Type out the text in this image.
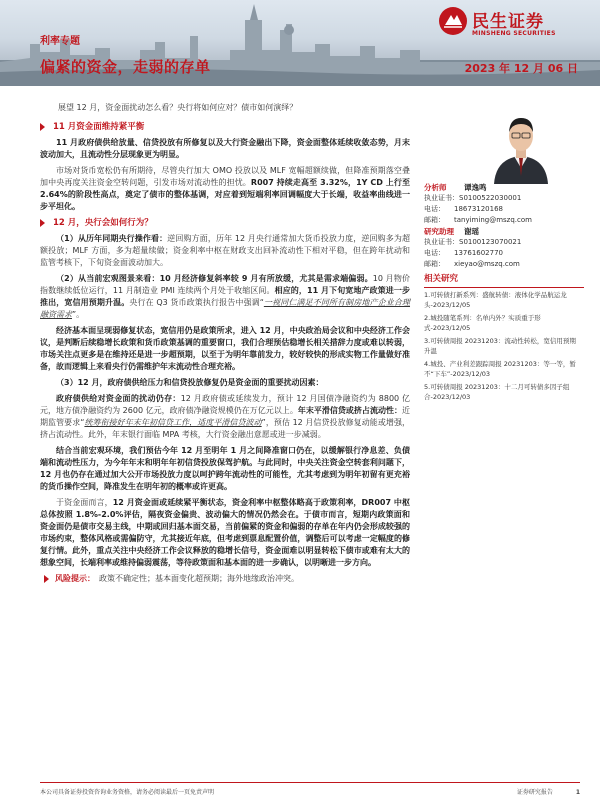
利率专题
偏紧的资金，走弱的存单	2023 年 12 月 06 日
民生证券
MINSHENG SECURITIES
展望 12 月，资金面扰动怎么看？央行将如何应对？债市如何演绎？
11 月资金面维持紧平衡
11 月政府债供给放量、信贷投放有所修复以及大行资金融出下降，资金面整体延续收敛态势，月末波动加大，且流动性分层现象更为明显。
市场对货币宽松仍有所期待，尽管央行加大 OMO 投放以及 MLF 宽幅超额续做，但降准预期落空叠加中央再度关注资金空转问题，引发市场对流动性的担忧。R007 持续走高至 3.32%，1Y CD 上行至 2.64%的阶段性高点，奠定了债市的整体基调，对应着到短端利率回调幅度大于长端，收益率曲线进一步平坦化。
12 月，央行会如何行为？
（1）从历年同期央行操作看：逆回购方面，历年 12 月央行通常加大货币投放力度，逆回购多为超额投放；MLF 方面，多为超量续做；资金利率中枢在财政支出回补流动性下相对平稳，但在跨年扰动和监管考核下，下旬资金面波动加大。
（2）从当前宏观图景来看：10 月经济修复斜率较 9 月有所放缓，尤其是需求端偏弱。10 月物价指数继续低位运行，11 月制造业 PMI 连续两个月处于收缩区间。相应的，11 月下旬宽地产政策进一步推出，宽信用预期升温。央行在 Q3 货币政策执行报告中强调“一视同仁满足不同所有制房地产企业合理融资需求”。
经济基本面呈现弱修复状态，宽信用仍是政策所求，进入 12 月，中央政治局会议和中央经济工作会议，是判断后续稳增长政策和货币政策基调的重要窗口，我们合理预估稳增长相关措辞力度或难以转弱，市场关注点更多是在维持还是进一步超预期，以至于为明年靠前发力，较好较快的形成实物工作量做好准备，故而逻辑上来看央行仍需维护年末流动性合理充裕。
（3）12 月，政府债供给压力和信贷投放修复仍是资金面的重要扰动因素：
政府债供给对资金面的扰动仍存：12 月政府债或延续发力，预计 12 月国债净融资约为 8800 亿元，地方债净融资约为 2600 亿元，政府债净融资规模仍在万亿元以上。年末平滑信贷或挤占流动性：近期监管要求“统筹衔接好年末年初信贷工作，适度平滑信贷波动”，预估 12 月信贷投放修复动能或增强，挤占流动性。此外，年末银行面临 MPA 考核，大行资金融出意愿或进一步减弱。
结合当前宏观环境，我们预估今年 12 月至明年 1 月之间降准窗口仍在，以缓解银行净息差、负债端和流动性压力，为今年年末和明年年初信贷投放保驾护航。与此同时，中央关注资金空转套利问题下，12 月也仍存在通过加大公开市场投放力度以呵护跨年流动性的可能性，尤其考虑到为明年初留有更充裕的货币操作空间，降准发生在明年初的概率或许更高。
于资金面而言，12 月资金面或延续紧平衡状态，资金利率中枢整体略高于政策利率，DR007 中枢总体按照 1.8%-2.0%评估，隔夜资金偏贵、波动偏大的情况仍然会在。于债市而言，短期内政策面和资金面仍是债市交易主线，中期或回归基本面交易，当前偏紧的资金和偏弱的存单在年内仍会形成较强的市场约束，整体风格或需偏防守，尤其接近年底，但考虑到票息配置价值，调整后可以考虑一定幅度的修复行情。此外，重点关注中央经济工作会议释放的稳增长信号，资金面难以明显转松下债市或难有太大的想象空间，长端利率或维持偏弱震荡，等待政策面和基本面的进一步确认，以明晰进一步方向。
风险提示： 政策不确定性；基本面变化超预期；海外地缘政治冲突。
分析师	谭逸鸣
执业证书： S0100522030001
电话：	18673120168
邮箱：	tanyiming@mszq.com
研究助理	谢瑶
执业证书： S0100123070021
电话：	13761602770
邮箱：	xieyao@mszq.com
相关研究
1.可转债打新系列：盛航转债：液体化学品航运龙头-2023/12/05
2.城投随笔系列：名单内外？实质重于形式-2023/12/05
3.可转债周报 20231203：流动性转松，宽信用预期升温
4.城投、产业利差跟踪周报 20231203：等一等，暂不“下车”-2023/12/03
5.可转债周报 20231203：十二月可转债多因子组合-2023/12/03
本公司具备证券投资咨询业务资格，请务必阅读最后一页免责声明	证券研究报告	1
